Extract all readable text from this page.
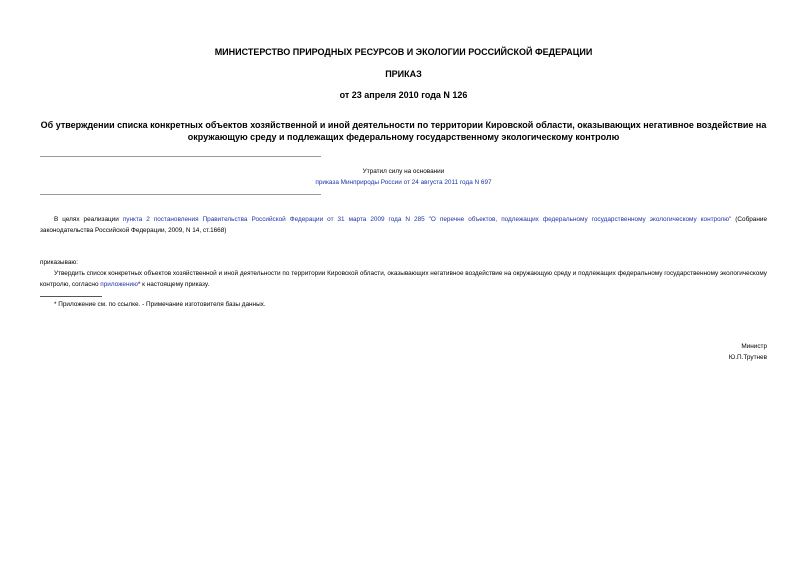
МИНИСТЕРСТВО ПРИРОДНЫХ РЕСУРСОВ И ЭКОЛОГИИ РОССИЙСКОЙ ФЕДЕРАЦИИ

ПРИКАЗ

от 23 апреля 2010 года N 126

Об утверждении списка конкретных объектов хозяйственной и иной деятельности по территории Кировской области, оказывающих негативное воздействие на окружающую среду и подлежащих федеральному государственному экологическому контролю

Утратил силу на основании
приказа Минприроды России от 24 августа 2011 года N 697

В целях реализации пункта 2 постановления Правительства Российской Федерации от 31 марта 2009 года N 285 "О перечне объектов, подлежащих федеральному государственному экологическому контролю" (Собрание законодательства Российской Федерации, 2009, N 14, ст.1668)

приказываю:

Утвердить список конкретных объектов хозяйственной и иной деятельности по территории Кировской области, оказывающих негативное воздействие на окружающую среду и подлежащих федеральному государственному экологическому контролю, согласно приложению* к настоящему приказу.

* Приложение см. по ссылке. - Примечание изготовителя базы данных.

Министр
Ю.П.Трутнев
